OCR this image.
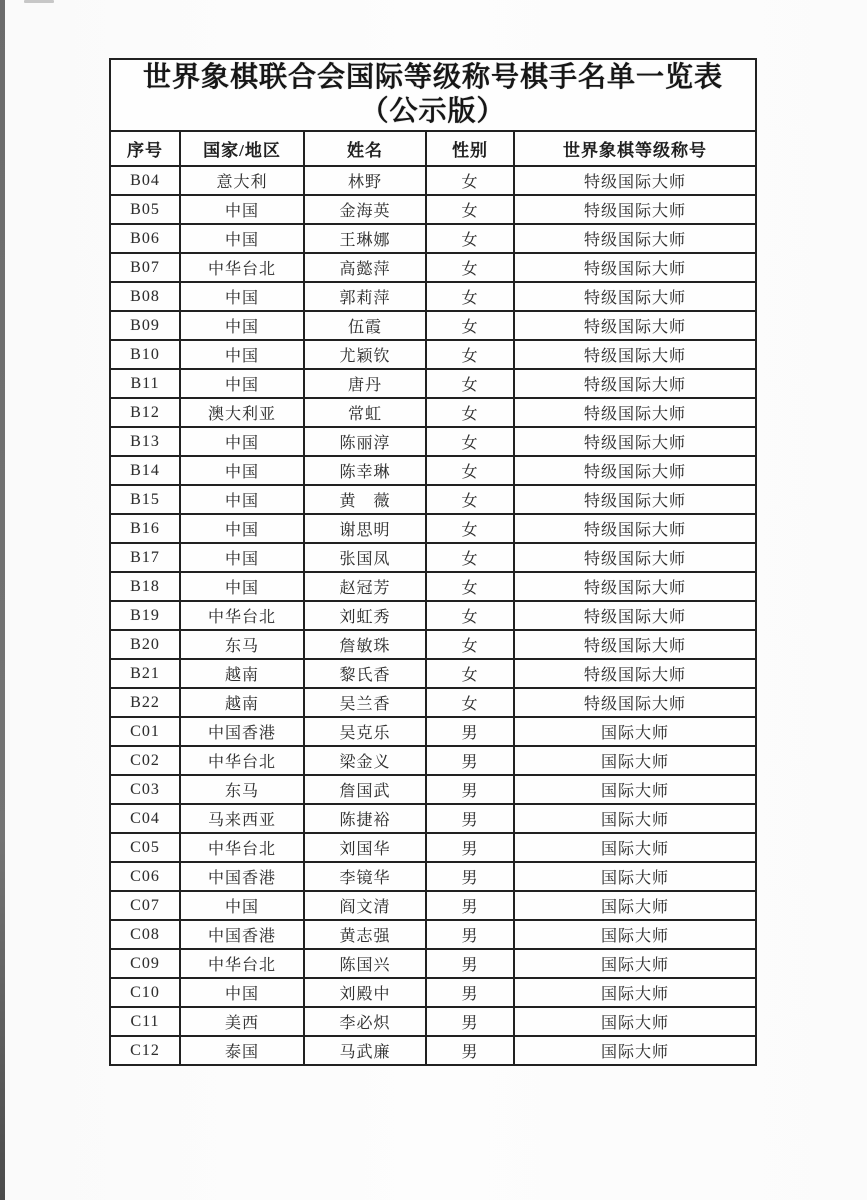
世界象棋联合会国际等级称号棋手名单一览表
（公示版）				

序号	国家/地区	姓名	性别	世界象棋等级称号
B04	意大利	林野	女	特级国际大师
B05	中国	金海英	女	特级国际大师
B06	中国	王琳娜	女	特级国际大师
B07	中华台北	高懿萍	女	特级国际大师
B08	中国	郭莉萍	女	特级国际大师
B09	中国	伍霞	女	特级国际大师
B10	中国	尤颖钦	女	特级国际大师
B11	中国	唐丹	女	特级国际大师
B12	澳大利亚	常虹	女	特级国际大师
B13	中国	陈丽淳	女	特级国际大师
B14	中国	陈幸琳	女	特级国际大师
B15	中国	黄　薇	女	特级国际大师
B16	中国	谢思明	女	特级国际大师
B17	中国	张国凤	女	特级国际大师
B18	中国	赵冠芳	女	特级国际大师
B19	中华台北	刘虹秀	女	特级国际大师
B20	东马	詹敏珠	女	特级国际大师
B21	越南	黎氏香	女	特级国际大师
B22	越南	吴兰香	女	特级国际大师
C01	中国香港	吴克乐	男	国际大师
C02	中华台北	梁金义	男	国际大师
C03	东马	詹国武	男	国际大师
C04	马来西亚	陈捷裕	男	国际大师
C05	中华台北	刘国华	男	国际大师
C06	中国香港	李镜华	男	国际大师
C07	中国	阎文清	男	国际大师
C08	中国香港	黄志强	男	国际大师
C09	中华台北	陈国兴	男	国际大师
C10	中国	刘殿中	男	国际大师
C11	美西	李必炽	男	国际大师
C12	泰国	马武廉	男	国际大师
